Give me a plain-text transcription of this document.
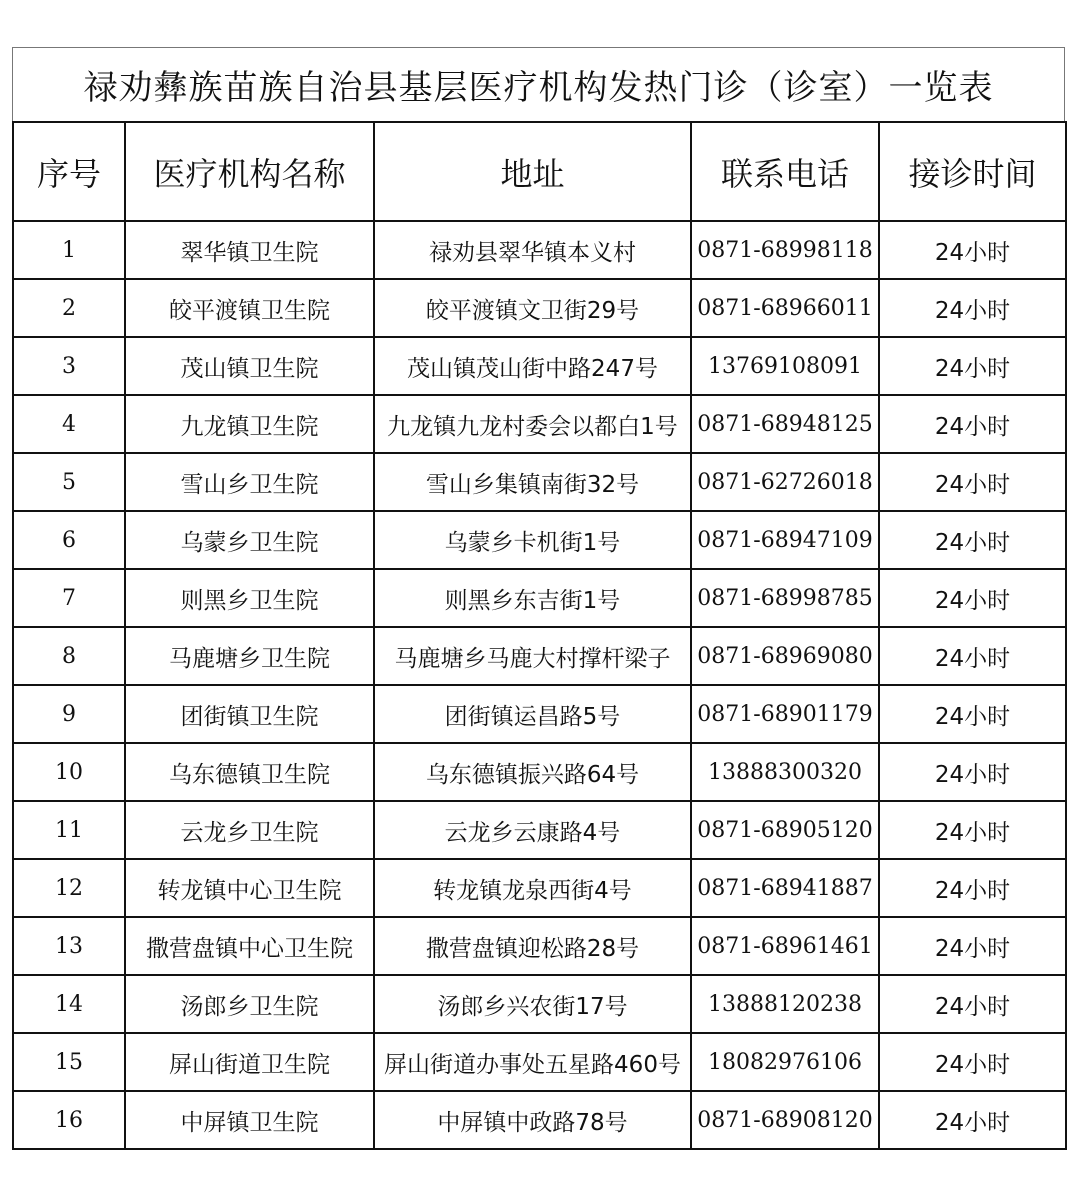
禄劝彝族苗族自治县基层医疗机构发热门诊（诊室）一览表
序号	医疗机构名称	地址	联系电话	接诊时间
1	翠华镇卫生院	禄劝县翠华镇本义村	0871-68998118	24小时
2	皎平渡镇卫生院	皎平渡镇文卫街29号	0871-68966011	24小时
3	茂山镇卫生院	茂山镇茂山街中路247号	13769108091	24小时
4	九龙镇卫生院	九龙镇九龙村委会以都白1号	0871-68948125	24小时
5	雪山乡卫生院	雪山乡集镇南街32号	0871-62726018	24小时
6	乌蒙乡卫生院	乌蒙乡卡机街1号	0871-68947109	24小时
7	则黑乡卫生院	则黑乡东吉街1号	0871-68998785	24小时
8	马鹿塘乡卫生院	马鹿塘乡马鹿大村撑杆梁子	0871-68969080	24小时
9	团街镇卫生院	团街镇运昌路5号	0871-68901179	24小时
10	乌东德镇卫生院	乌东德镇振兴路64号	13888300320	24小时
11	云龙乡卫生院	云龙乡云康路4号	0871-68905120	24小时
12	转龙镇中心卫生院	转龙镇龙泉西街4号	0871-68941887	24小时
13	撒营盘镇中心卫生院	撒营盘镇迎松路28号	0871-68961461	24小时
14	汤郎乡卫生院	汤郎乡兴农街17号	13888120238	24小时
15	屏山街道卫生院	屏山街道办事处五星路460号	18082976106	24小时
16	中屏镇卫生院	中屏镇中政路78号	0871-68908120	24小时
